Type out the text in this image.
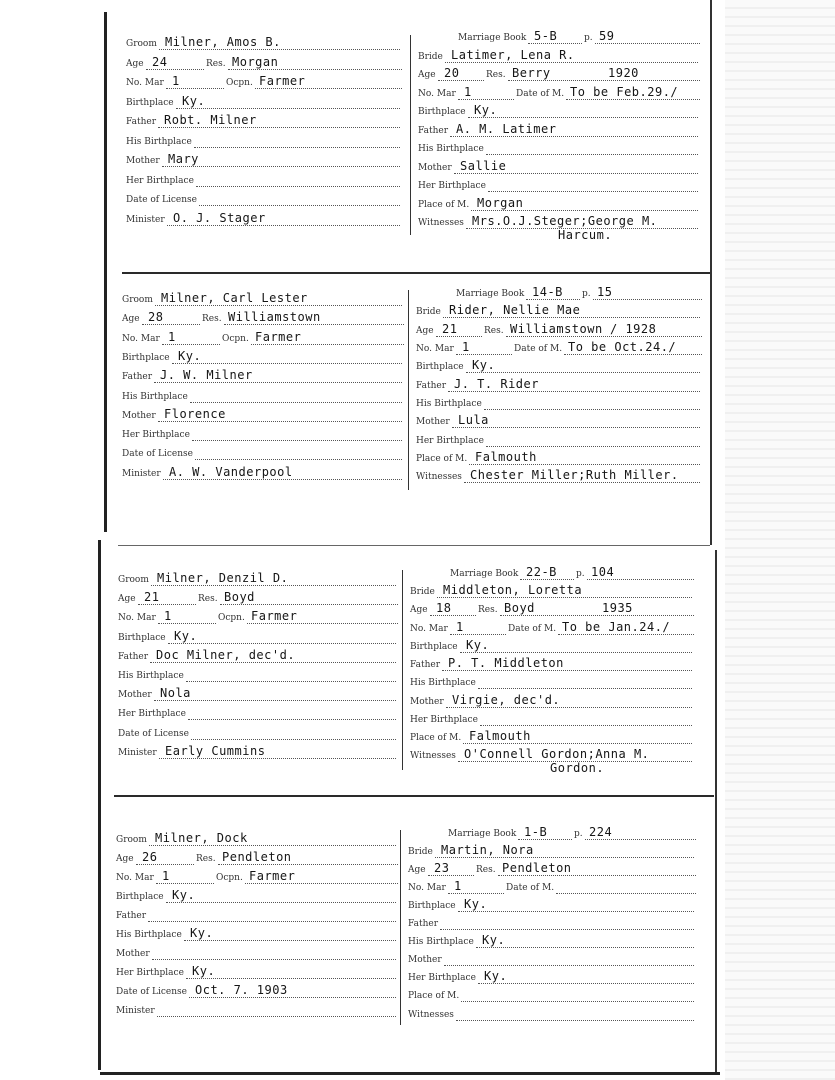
Groom Milner, Amos B.
Age 24	Res. Morgan
No. Mar 1	Ocpn. Farmer
Birthplace Ky.
Father Robt. Milner
His Birthplace
Mother Mary
Her Birthplace
Date of License
Minister O. J. Stager
Marriage Book 5-B	p. 59
Bride Latimer, Lena R.
Age 20	Res. Berry	1920
No. Mar 1	Date of M. To be Feb.29./
Birthplace Ky.
Father A. M. Latimer
His Birthplace
Mother Sallie
Her Birthplace
Place of M. Morgan
Witnesses Mrs.O.J.Steger;George M.
Harcum.
Groom Milner, Carl Lester
Age 28	Res. Williamstown
No. Mar 1	Ocpn. Farmer
Birthplace Ky.
Father J. W. Milner
His Birthplace
Mother Florence
Her Birthplace
Date of License
Minister A. W. Vanderpool
Marriage Book 14-B p. 15
Bride Rider, Nellie Mae
Age 21	Res. Williamstown / 1928
No. Mar 1	Date of M. To be Oct.24./
Birthplace Ky.
Father J. T. Rider
His Birthplace
Mother Lula
Her Birthplace
Place of M. Falmouth
Witnesses Chester Miller;Ruth Miller.
Groom Milner, Denzil D.
Age 21	Res. Boyd
No. Mar 1	Ocpn. Farmer
Birthplace Ky.
Father Doc Milner, dec'd.
His Birthplace
Mother Nola
Her Birthplace
Date of License
Minister Early Cummins
Marriage Book 22-B p. 104
Bride Middleton, Loretta
Age 18	Res. Boyd	1935
No. Mar 1	Date of M. To be Jan.24./
Birthplace Ky.
Father P. T. Middleton
His Birthplace
Mother Virgie, dec'd.
Her Birthplace
Place of M. Falmouth
Witnesses O'Connell Gordon;Anna M.
Gordon.
Groom Milner, Dock
Age 26	Res. Pendleton
No. Mar 1	Ocpn. Farmer
Birthplace Ky.
Father
His Birthplace Ky.
Mother
Her Birthplace Ky.
Date of License Oct. 7. 1903
Minister
Marriage Book 1-B	p. 224
Bride Martin, Nora
Age 23	Res. Pendleton
No. Mar 1	Date of M.
Birthplace Ky.
Father
His Birthplace Ky.
Mother
Her Birthplace Ky.
Place of M.
Witnesses
